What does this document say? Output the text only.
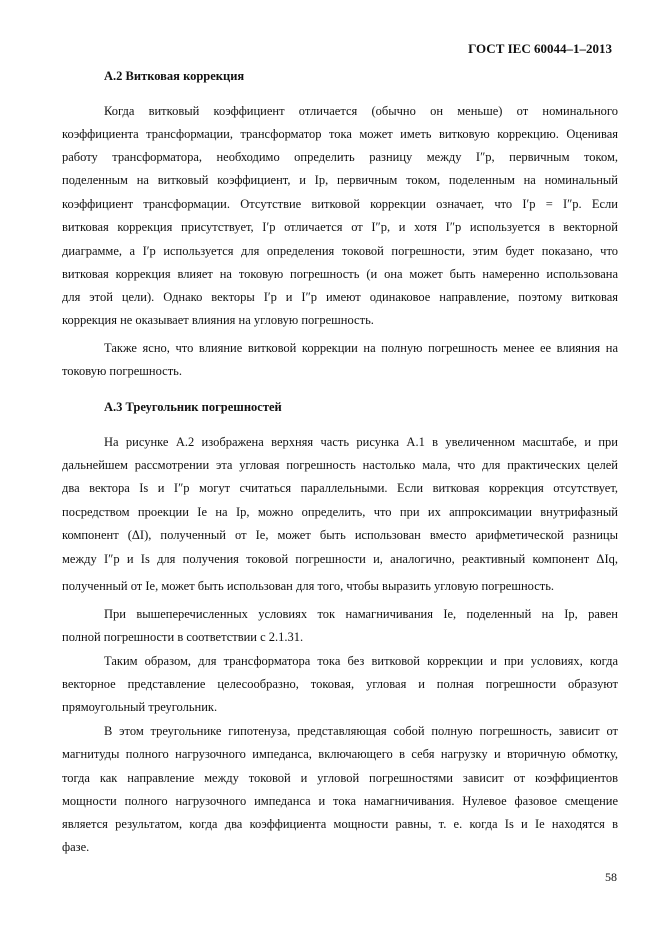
ГОСТ IEC 60044–1–2013
А.2 Витковая коррекция
Когда витковый коэффициент отличается (обычно он меньше) от номинального
коэффициента трансформации, трансформатор тока может иметь витковую коррекцию. Оценивая
работу трансформатора, необходимо определить разницу между I″p, первичным током,
поделенным на витковый коэффициент, и Ip, первичным током, поделенным на номинальный
коэффициент трансформации. Отсутствие витковой коррекции означает, что I′p = I″p. Если
витковая коррекция присутствует, I′p отличается от I″p, и хотя I″p используется в векторной
диаграмме, а I′p используется для определения токовой погрешности, этим будет показано, что
витковая коррекция влияет на токовую погрешность (и она может быть намеренно использована
для этой цели). Однако векторы I′p и I″p имеют одинаковое направление, поэтому витковая
коррекция не оказывает влияния на угловую погрешность.
Также ясно, что влияние витковой коррекции на полную погрешность менее ее влияния на
токовую погрешность.
А.3 Треугольник погрешностей
На рисунке А.2 изображена верхняя часть рисунка А.1 в увеличенном масштабе, и при
дальнейшем рассмотрении эта угловая погрешность настолько мала, что для практических целей
два вектора Is и I″p могут считаться параллельными. Если витковая коррекция отсутствует,
посредством проекции Iе на Ip, можно определить, что при их аппроксимации внутрифазный
компонент (ΔI), полученный от Iе, может быть использован вместо арифметической разницы
между I″p и Is для получения токовой погрешности и, аналогично, реактивный компонент ΔIq,
полученный от Iе, может быть использован для того, чтобы выразить угловую погрешность.
При вышеперечисленных условиях ток намагничивания Iе, поделенный на Ip, равен
полной погрешности в соответствии с 2.1.31.
Таким образом, для трансформатора тока без витковой коррекции и при условиях, когда
векторное представление целесообразно, токовая, угловая и полная погрешности образуют
прямоугольный треугольник.
В этом треугольнике гипотенуза, представляющая собой полную погрешность, зависит от
магнитуды полного нагрузочного импеданса, включающего в себя нагрузку и вторичную обмотку,
тогда как направление между токовой и угловой погрешностями зависит от коэффициентов
мощности полного нагрузочного импеданса и тока намагничивания. Нулевое фазовое смещение
является результатом, когда два коэффициента мощности равны, т. е. когда Is и Iе находятся в
фазе.
58
